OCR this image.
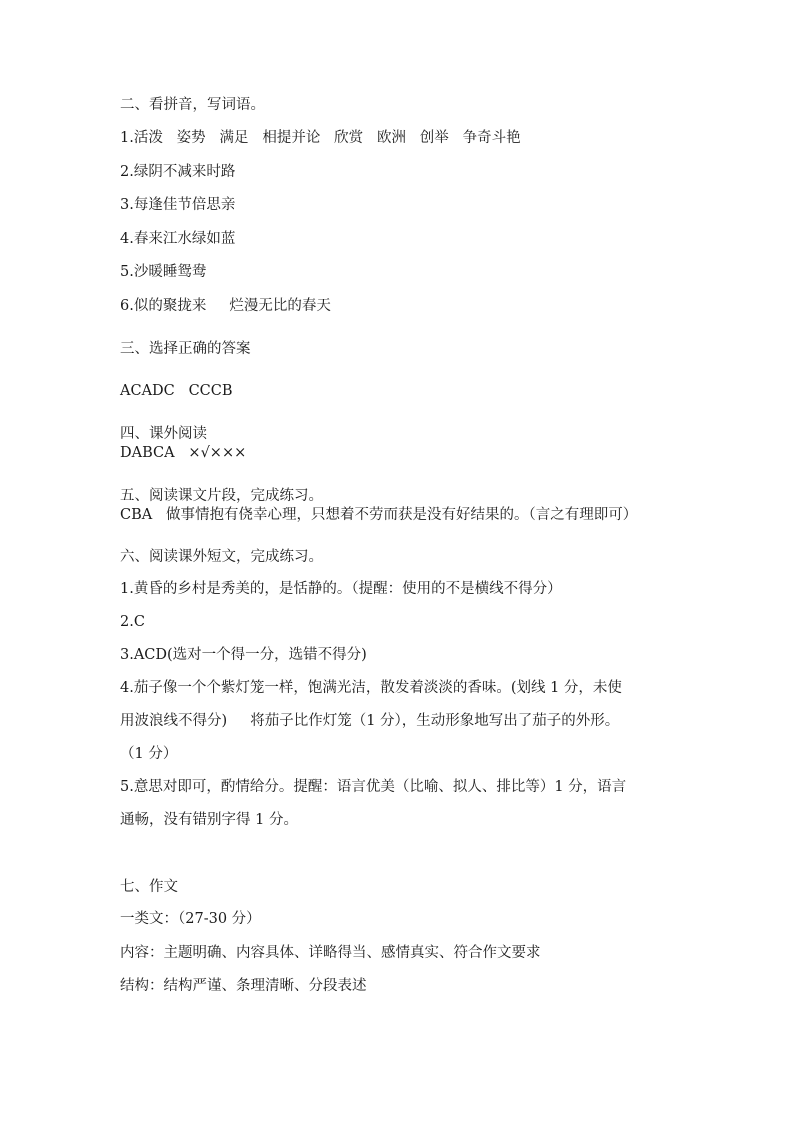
二、看拼音，写词语。

1.活泼   姿势   满足   相提并论   欣赏   欧洲   创举   争奇斗艳

2.绿阴不减来时路

3.每逢佳节倍思亲

4.春来江水绿如蓝

5.沙暖睡鸳鸯

6.似的聚拢来     烂漫无比的春天

三、选择正确的答案

ACADC   CCCB

四、课外阅读

DABCA   ×√×××

五、阅读课文片段，完成练习。

CBA   做事情抱有侥幸心理，只想着不劳而获是没有好结果的。（言之有理即可）

六、阅读课外短文，完成练习。

1.黄昏的乡村是秀美的，是恬静的。（提醒：使用的不是横线不得分）

2.C

3.ACD(选对一个得一分，选错不得分)

4.茄子像一个个紫灯笼一样，饱满光洁，散发着淡淡的香味。(划线 1 分，未使

用波浪线不得分)     将茄子比作灯笼（1 分），生动形象地写出了茄子的外形。

（1 分）

5.意思对即可，酌情给分。提醒：语言优美（比喻、拟人、排比等）1 分，语言

通畅，没有错别字得 1 分。

七、作文

一类文：（27-30 分）

内容：主题明确、内容具体、详略得当、感情真实、符合作文要求

结构：结构严谨、条理清晰、分段表述
